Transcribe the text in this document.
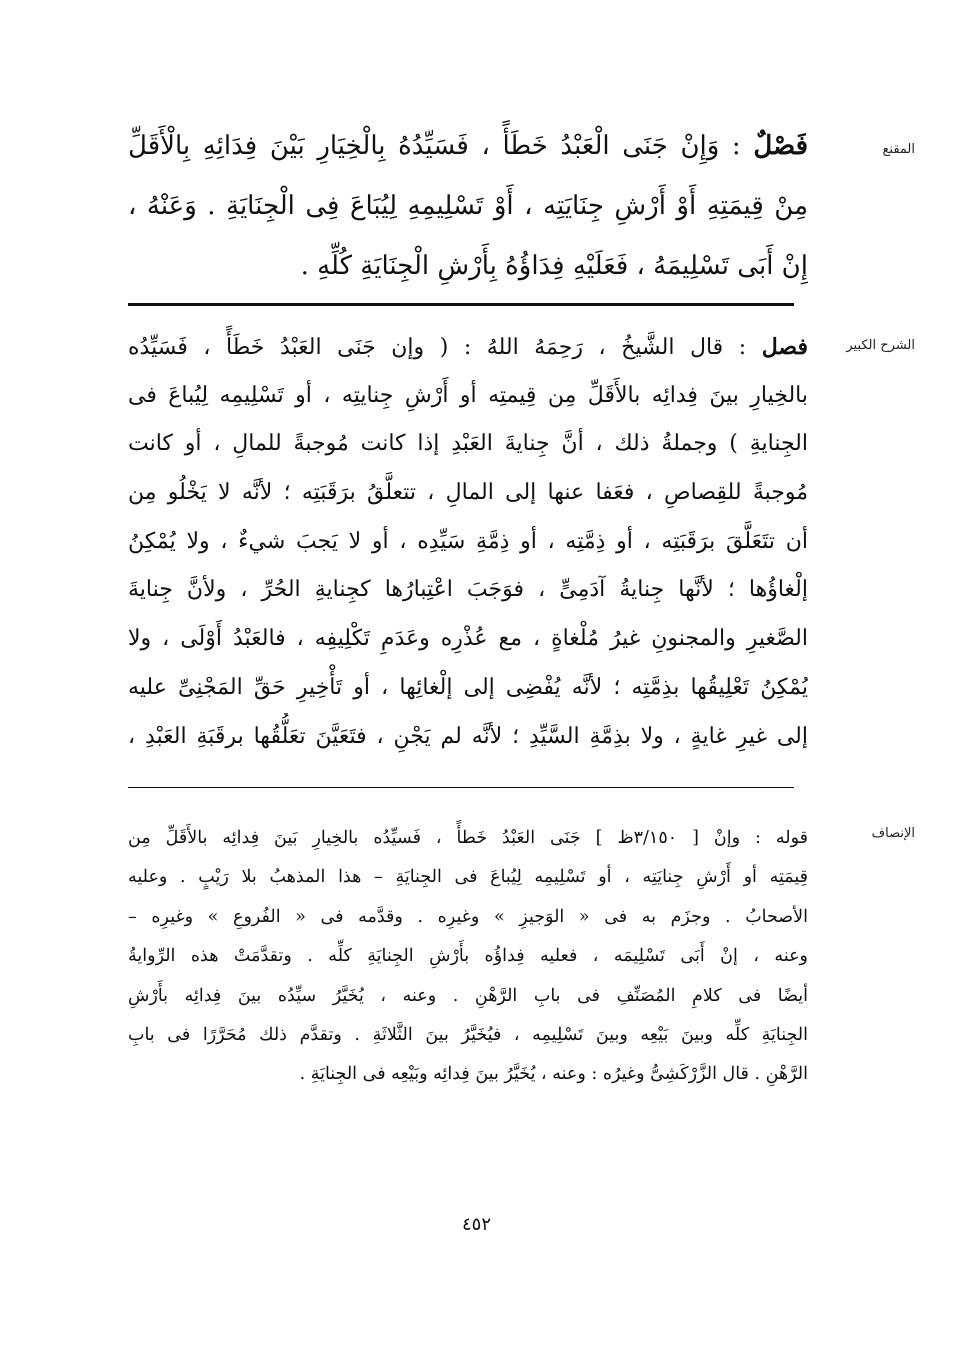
المقنع
الشرح الكبير
الإنصاف
فَصْلٌ : وَإِنْ جَنَى الْعَبْدُ خَطَأً ، فَسَيِّدُهُ بِالْخِيَارِ بَيْنَ فِدَائِهِ بِالْأَقَلِّ
مِنْ قِيمَتِهِ أَوْ أَرْشِ جِنَايَتِه ، أَوْ تَسْلِيمِهِ لِيُبَاعَ فِى الْجِنَايَةِ . وَعَنْهُ ،
إِنْ أَبَى تَسْلِيمَهُ ، فَعَلَيْهِ فِدَاؤُهُ بِأَرْشِ الْجِنَايَةِ كُلِّهِ .
فصل : قال الشَّيخُ ، رَحِمَهُ اللهُ : ( وإن جَنَى العَبْدُ خَطَأً ، فَسَيِّدُه
بالخِيارِ بينَ فِدائِه بالأَقَلِّ مِن قِيمتِه أو أَرْشِ جِنايتِه ، أو تَسْلِيمِه لِيُباعَ فى
الجِنايةِ ) وجملةُ ذلك ، أنَّ جِنايةَ العَبْدِ إذا كانت مُوجبةً للمالِ ، أو كانت
مُوجبةً للقِصاصِ ، فعَفا عنها إلى المالِ ، تتعلَّقُ برَقَبَتِه ؛ لأنَّه لا يَخْلُو مِن
أن تتَعَلَّقَ برَقَبَتِه ، أو ذِمَّتِه ، أو ذِمَّةِ سَيِّدِه ، أو لا يَجبَ شيءٌ ، ولا يُمْكِنُ
إلْغاؤُها ؛ لأنَّها جِنايةُ آدَمِىٍّ ، فوَجَبَ اعْتِبارُها كجِنايةِ الحُرِّ ، ولأنَّ جِنايةَ
الصَّغيرِ والمجنونِ غيرُ مُلْغاةٍ ، مع عُذْرِه وعَدَمِ تَكْلِيفِه ، فالعَبْدُ أَوْلَى ، ولا
يُمْكِنُ تَعْلِيقُها بذِمَّتِه ؛ لأنَّه يُفْضِى إلى إلْغائِها ، أو تَأْخِيرِ حَقِّ المَجْنِىِّ عليه
إلى غيرِ غايةٍ ، ولا بذِمَّةِ السَّيِّدِ ؛ لأنَّه لم يَجْنِ ، فتَعَيَّنَ تعَلُّقُها برقَبَةِ العَبْدِ ،
قوله : وإنْ [ ٣/١٥٠ظ ] جَنَى العَبْدُ خَطأً ، فَسيِّدُه بالخِيارِ بَينَ فِدائِه بالأَقَلِّ مِن
قِيمَتِه أو أَرْشِ جِنايَتِه ، أو تَسْلِيمِه لِيُباعَ فى الجِنايَةِ – هذا المذهبُ بلا رَيْبٍ . وعليه
الأصحابُ . وجزَم به فى « الوَجيزِ » وغيرِه . وقدَّمه فى « الفُروعِ » وغيرِه –
وعنه ، إنْ أَبَى تَسْلِيمَه ، فعليه فِداؤُه بأَرْشِ الجِنايَةِ كلِّه . وتقدَّمَتْ هذه الرِّوايةُ
أيضًا فى كلامِ المُصَنِّفِ فى بابِ الرَّهْنِ . وعنه ، يُخَيَّرُ سيِّدُه بينَ فِدائِه بأَرْشِ
الجِنايَةِ كلِّه وبينَ بَيْعِه وبينَ تَسْلِيمِه ، فيُخَيَّرُ بينَ الثَّلاثَةِ . وتقدَّم ذلك مُحَرَّرًا فى بابِ
الرَّهْنِ . قال الزَّرْكَشِىُّ وغيرُه : وعنه ، يُخَيَّرُ بينَ فِدائِه وبَيْعِه فى الجِنايَةِ .
٤٥٢
